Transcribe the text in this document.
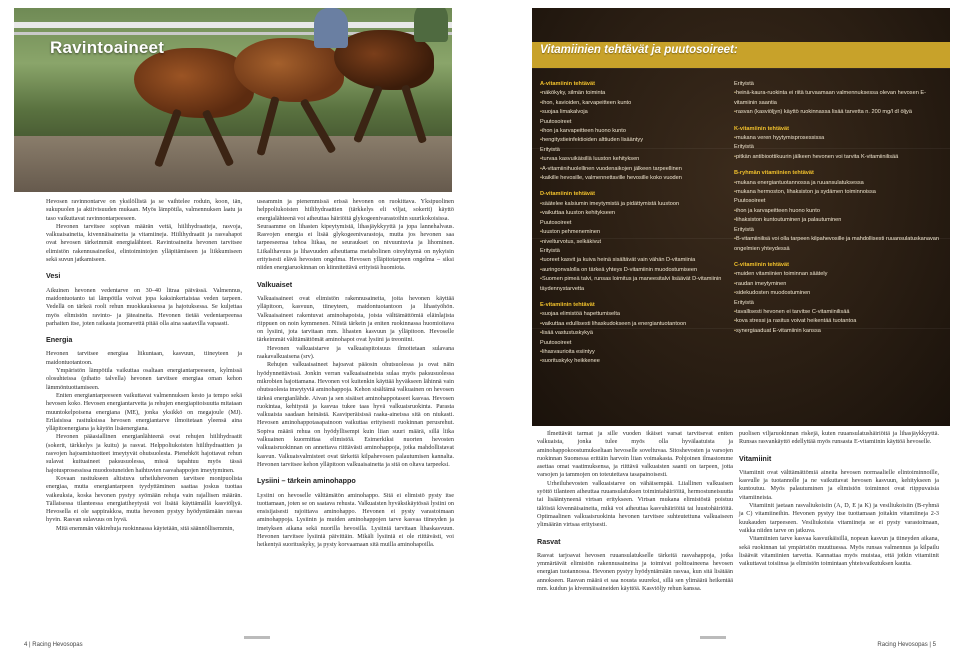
Ravintoaineet

Hevosen ravinnontarve on yksilöllistä ja se vaihtelee roduin, koon, iän, sukupuolen ja aktiivisuuden mukaan. Myös lämpötila, valmennuksen laatu ja taso vaikuttavat ravinnontarpeeseen.

Hevonen tarvitsee sopivan määrän vettä, hiilihydraatteja, rasvoja, valkuaisaineita, kivennäisaineita ja vitamiineja. Hiilihydraatit ja rasvahapot ovat hevosen tärkeimmät energialähteet. Ravintoaineita hevonen tarvitsee elimistön rakennusaineiksi, elintoimintojen ylläpitämiseen ja liikkumiseen sekä suvun jatkamiseen.

Vesi

Aikuinen hevonen vedentarve on 30–40 litraa päivässä. Valmennus, maidontuotanto tai lämpötila voivat jopa kaksinkertaistaa veden tarpeen. Vedellä on tärkeä rooli rehun muokkauksessa ja hajotuksessa. Se kuljettaa myös elimistön ravinto- ja jäteaineita. Hevonen tietää vedentarpeensa parhaiten itse, joten raikasta juomavettä pitää olla aina saatavilla vapaasti.

Energia

Hevonen tarvitsee energiaa liikuntaan, kasvuun, tiineyteen ja maidontuotantoon.

Ympäristön lämpötila vaikuttaa osaltaan energiantarpeeseen, kylmissä olosuhteissa (pihatto talvella) hevonen tarvitsee energiaa oman kehon lämmöntuottamiseen.

Eniten energiantarpeeseen vaikuttavat valmennuksen kesto ja tempo sekä hevosen koko. Hevosen energiantarvetta ja rehujen energiapitoisuutta mitataan muuntokelpoisena energiana (ME), jonka yksikkö on megajoule (MJ). Erilaisissa rasituksissa hevosen energiantarve ilmoitetaan yleensä aina ylläpitoenergiana ja käytön lisäenergiana.

Hevonen pääasiallinen energianlähteenä ovat rehujen hiilihydraatit (sokerit, tärkkelys ja kuitu) ja rasvat. Helppoliukoisten hiilihydraattien ja rasvojen hajoamistuotteet imeytyvät ohutsuolesta. Pienehköt hajottavat rehun sulavat kuituaineet paksusuolessa, missä tapahtuu myös tässä hajotusprosessissa muodostuneiden haihtuvien rasvahappojen imeytyminen.

Kovaan rasitukseen altistuva urheiluhevonen tarvitsee monipuolista energiaa, mutta energiantarpeen tyydyttäminen saattaa joskus tuottaa vaikeuksia, koska hevonen pystyy syömään rehuja vain rajallisen määrän. Tällaisessa tilanteessa energiatiheytystä voi lisätä käyttämällä kasviöljyä. Hevosella ei ole sappirakkoa, mutta hevonen pystyy hyödyntämään rasvaa hyvin. Rasvan sulavuus on hyvä.

Mitä enemmän väkirehuja ruokinnassa käytetään, sitä säännöllisemmin,

useammin ja pienemmissä erissä hevonen on ruokittava. Yksipuolinen helppoliukoisten hiilihydraattien (tärkkelys eli viljat, sokerit) käyttö energialähteenä voi aiheuttaa häiriöitä glykogeenivarastoihin suurikokoisissa.

Seuraamme on lihasten kipeytymistä, lihasjäykkyyttä ja jopa lannehalvaus. Rasvojen energia ei lisää glykogeenivarastoja, mutta jos hevonen saa tarpeeseensa tehoa liikaa, ne seuraukset on nivuuntuvia ja lihominen. Liikalihavuus ja lihavuuden aiheuttama metabolinen oireyhtymä on nykyisin erityisesti elävä hevosten ongelma. Hevosen ylläpitotarpeen ongelma – siksi niiden energiaruokinnan on kiinnitettävä erityistä huomiota.

Valkuaiset

Valkuaisaineet ovat elimistön rakennusaineita, joita hevonen käyttää ylläpitoon, kasvuun, tiineyteen, maidontuotantoon ja lihastyöhön. Valkuaisaineet rakentuvat aminohapoista, joista välttämättömiä eläinlajista riippuen on noin kymmenen. Niistä tärkein ja eniten ruokinnassa huomioitava on lysiini, jota tarvitaan mm. lihasten kasvuun ja ylläpitoon. Hevoselle tärkeimmät välttämättömät aminohapot ovat lysiini ja treoniini.

Hevonen valkuaistarve ja valkuaispitoisuus ilmoitetaan sulavana raakavalkuaisena (srv).

Rehujen valkuaisaineet hajoavat pääosin ohutsuolessa ja ovat näin hyödynnettävissä. Jonkin verran valkuaisaineista sulaa myös paksusuolessa mikrobien hajottamana. Hevonen voi kuitenkin käyttää hyväkseen lähinnä vain ohutsuolesta imeytyviä aminohappoja. Kehon sisältämä valkuainen on hevosen tärkeä energianlähde. Aivan ja sen sisäiset aminohappotaseet kasvaa. Hevosen ruokintaa, kehitystä ja kasvua tukee taas hyvä valkuaisruokinta. Parasta valkuaista saadaan heinästä. Kasviperäisissä raaka-aineissa sitä on niukasti. Hevosen aminohappotasapainoon vaikuttaa erityisesti ruokinnan perusrehut. Sopiva määrä rehua on hyödyllisempi kuin liian suuri määrä, sillä liika valkuainen kuormittaa elimistöä. Esimerkiksi nuorten hevosten valkuaisruokinnan on annettava riittävästi aminohappoja, jotka mahdollistavat kasvun. Valkuaisvalmisteet ovat tärkeitä kilpahevosen palautumisen kannalta. Hevonen tarvitsee kehon ylläpitoon valkuaisainetta ja sitä on oltava tarpeeksi.

Lysiini – tärkein aminohappo

Lysiini on hevoselle välttämätön aminohappo. Sitä ei elimistö pysty itse tuottamaan, joten se on saatava rehusta. Valkuaisten hyväksikäytössä lysiini on ensisijaisesti rajoittava aminohappo. Hevonen ei pysty varastoimaan aminohappoja. Lysiinin ja muiden aminohappojen tarve kasvaa tiineyden ja imetyksen aikana sekä nuorilla hevosilla. Lysiiniä tarvitaan lihaskasvuun. Hevonen tarvitsee lysiiniä päivittäin. Mikäli lysiiniä ei ole riittävästi, voi heikentyä suorituskyky, ja pysty korvaamaan sitä muilla aminohapoilla.

Vitamiinien tehtävät ja puutosoireet:
A-vitamiinin tehtävät
• näkökyky, silmän toiminta
• ihon, kavioiden, karvapeitteen kunto
• suojaa limakalvoja
Puutosoireet
• ihon ja karvapeitteen huono kunto
• hengitystieinfektioiden alttiuden lisääntyy
Erityistä
• turvaa kasvuikäisillä luuston kehityksen
• A-vitamiinihuolellinen vuodenaikojen jälkeen tarpeellinen
• kaikille hevosille, valmennettaville hevosille koko vuoden
D-vitamiinin tehtävät
• säätelee kalsiumin imeytymistä ja pidättymistä luustoon
• vaikuttaa luuston kehitykseen
Puutosoireet
• luuston pehmeneminen
• nivelturvotus, selkäkivut
Erityistä
• tuoreet kasvit ja kuiva heinä sisältävät vain vähän D-vitamiinia
• auringonvalolla on tärkeä yhteys D-vitamiinin muodostumiseen
• Suomen pimeä talvi, runsas loimitus ja maneesitalvi lisäävät D-vitamiinin täydennystarvetta
E-vitamiinin tehtävät
• suojaa elimistöä hapettumiselta
• vaikuttaa edullisesti lihaskudokseen ja energiantuotantoon
• lisää vastustuskykyä
Puutosoireet
• lihasvaurioita esiintyy
• suorituskyky heikkenee
Erityistä
• heinä-kaura-ruokinta ei riitä turvaamaan valmennuksessa olevan hevosen E-vitamiinin saantia
• rasvan (kasviöljyn) käyttö ruokinnassa lisää tarvetta n. 200 mg/l dl öljyä
K-vitamiinin tehtävät
• mukana veren hyytymisprosessissa
Erityistä
• pitkän antibioottikuurin jälkeen hevonen voi tarvita K-vitamiinilisää
B-ryhmän vitamiinien tehtävät
• mukana energiantuotannossa ja ruuansulatuksessa
• mukana hermoston, lihaksiston ja sydämen toiminnoissa
Puutosoireet
• ihon ja karvapeitteen huono kunto
• lihaksiston kuntoutuminen ja palautuminen
Erityistä
• B-vitamiinilisä voi olla tarpeen kilpahevosille ja mahdollisesti ruuansulatuskanavan ongelmien yhteydessä
C-vitamiinin tehtävät
• muiden vitamiinien toiminnan säätely
• raudan imeytyminen
• sidekudosten muodostuminen
Erityistä
• tavallisesti hevonen ei tarvitse C-vitamiinilisää
• kova stressi ja rasitus voivat heikentää tuotantoa
• synergiaaduat E-vitamiinin kanssa

Ilmettävät tarmat ja sille vuoden ikäiset varsat tarvitsevat eniten valkuaista, jonka tulee myös olla hyvälaatuista ja aminohappokoostumukseltaan hevoselle soveltuvaa. Sitoshevosten ja varsojen ruokinnan Suomessa erittäin harvoin liian voimakasta. Pohjoinen ilmastomme asettaa omat vaatimuksensa, ja riittävä valkuaisten saanti on tarpeen, jotta varsojen ja tammojen on toteutettava tasapainoisesti.

Urheiluhevosten valkuaistarve on vähäisempää. Liiallinen valkuaisen syöttö tilanteen aiheuttaa ruuansulatuksen toimintahäiriöitä, hermostuneisuutta tai lisääntyneenä virtsan eritykseen. Virtsan mukana elimistöstä poistuu tälöistä kivennäisaineita, mikä voi aiheuttaa kasvuhäiriöitä tai luustohäiriöitä. Optimaalinen valkuaisruokinta hevonen tarvitsee suhteutettuna valkuaiseen ylimäärän virtsaa erityisesti.

Rasvat

Rasvat tarjoavat hevosen ruuansulatukselle tärkeitä rasvahappoja, jotka ymmärtävät elimistön rakennusaineina ja toimivat polttoaineena hevosen energian tuotannossa. Hevonen pystyy hyödyntämään rasvaa, kun sitä lisätään annokseen. Rasvan määrä ei saa nousta suureksi, sillä sen ylimäärä heikentää mm. kuidun ja kivennäisaineiden käyttöä. Kasviöljy rehun kanssa.

puolisen viljaruokinnan riskejä, kuten ruuansulatushäiriöitä ja lihasjäykkyyttä. Runsas rasvankäyttö edellyttää myös runsasta E-vitamiinin käyttöä hevoselle.

Vitamiinit

Vitamiinit ovat välttämättömiä aineita hevosen normaalielle elintoiminnoille, kasvulle ja tuotannolle ja ne vaikuttavat hevosen kasvuun, kehitykseen ja kuntoutuu. Myös palautuminen ja elimistön toiminnot ovat riippuvaisia vitamiineista.

Vitamiinit jaetaan rasvaliukoisiin (A, D, E ja K) ja vesiliukoisiin (B-ryhmä ja C) vitamiineihin. Hevonen pystyy itse tuottamaan joitakin vitamiineja 2-3 kuukauden tarpeeseen. Vesiliukoisia vitamiineja se ei pysty varastoimaan, vaikka niiden tarve on jatkuva.

Vitamiinien tarve kasvaa kasvuikäisillä, nopean kasvun ja tiineyden aikana, sekä ruokinnan tai ympäristön muuttuessa. Myös runsas valmennus ja kilpailu lisäävät vitamiinien tarvetta. Kannattaa myös muistaa, että jotkin vitamiinit vaikuttavat toisiinsa ja elimistön toimintaan yhteisvaikutuksen kautta.

4 | Racing Hevosopas	Racing Hevosopas | 5
